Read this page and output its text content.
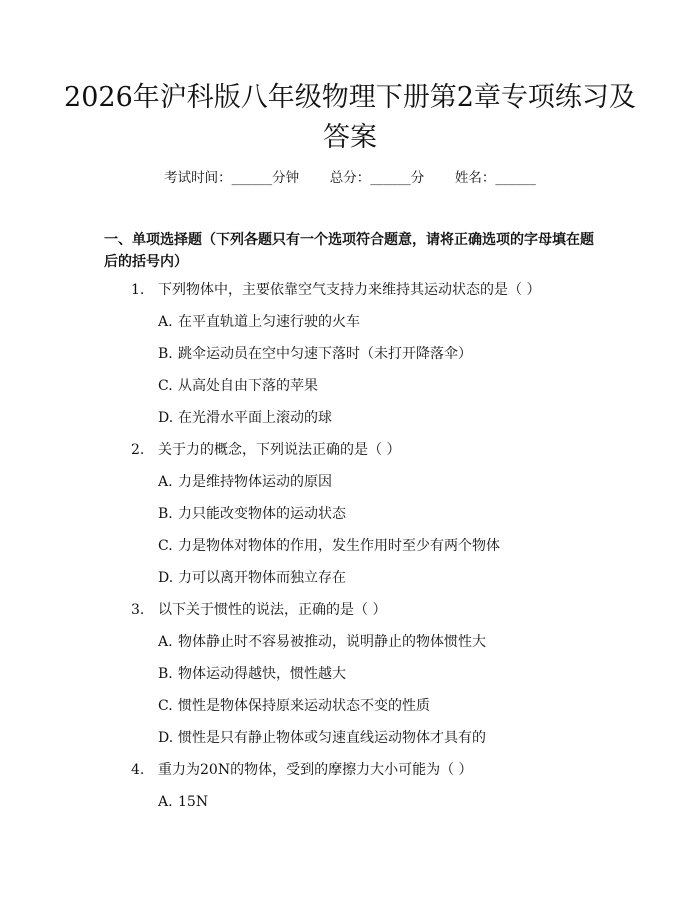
2026年沪科版八年级物理下册第2章专项练习及答案
考试时间：______分钟 总分：______分 姓名：______

一、单项选择题（下列各题只有一个选项符合题意，请将正确选项的字母填在题后的括号内）

1. 下列物体中，主要依靠空气支持力来维持其运动状态的是（ ）
A. 在平直轨道上匀速行驶的火车
B. 跳伞运动员在空中匀速下落时（未打开降落伞）
C. 从高处自由下落的苹果
D. 在光滑水平面上滚动的球
2. 关于力的概念，下列说法正确的是（ ）
A. 力是维持物体运动的原因
B. 力只能改变物体的运动状态
C. 力是物体对物体的作用，发生作用时至少有两个物体
D. 力可以离开物体而独立存在
3. 以下关于惯性的说法，正确的是（ ）
A. 物体静止时不容易被推动，说明静止的物体惯性大
B. 物体运动得越快，惯性越大
C. 惯性是物体保持原来运动状态不变的性质
D. 惯性是只有静止物体或匀速直线运动物体才具有的
4. 重力为20N的物体，受到的摩擦力大小可能为（ ）
A. 15N
